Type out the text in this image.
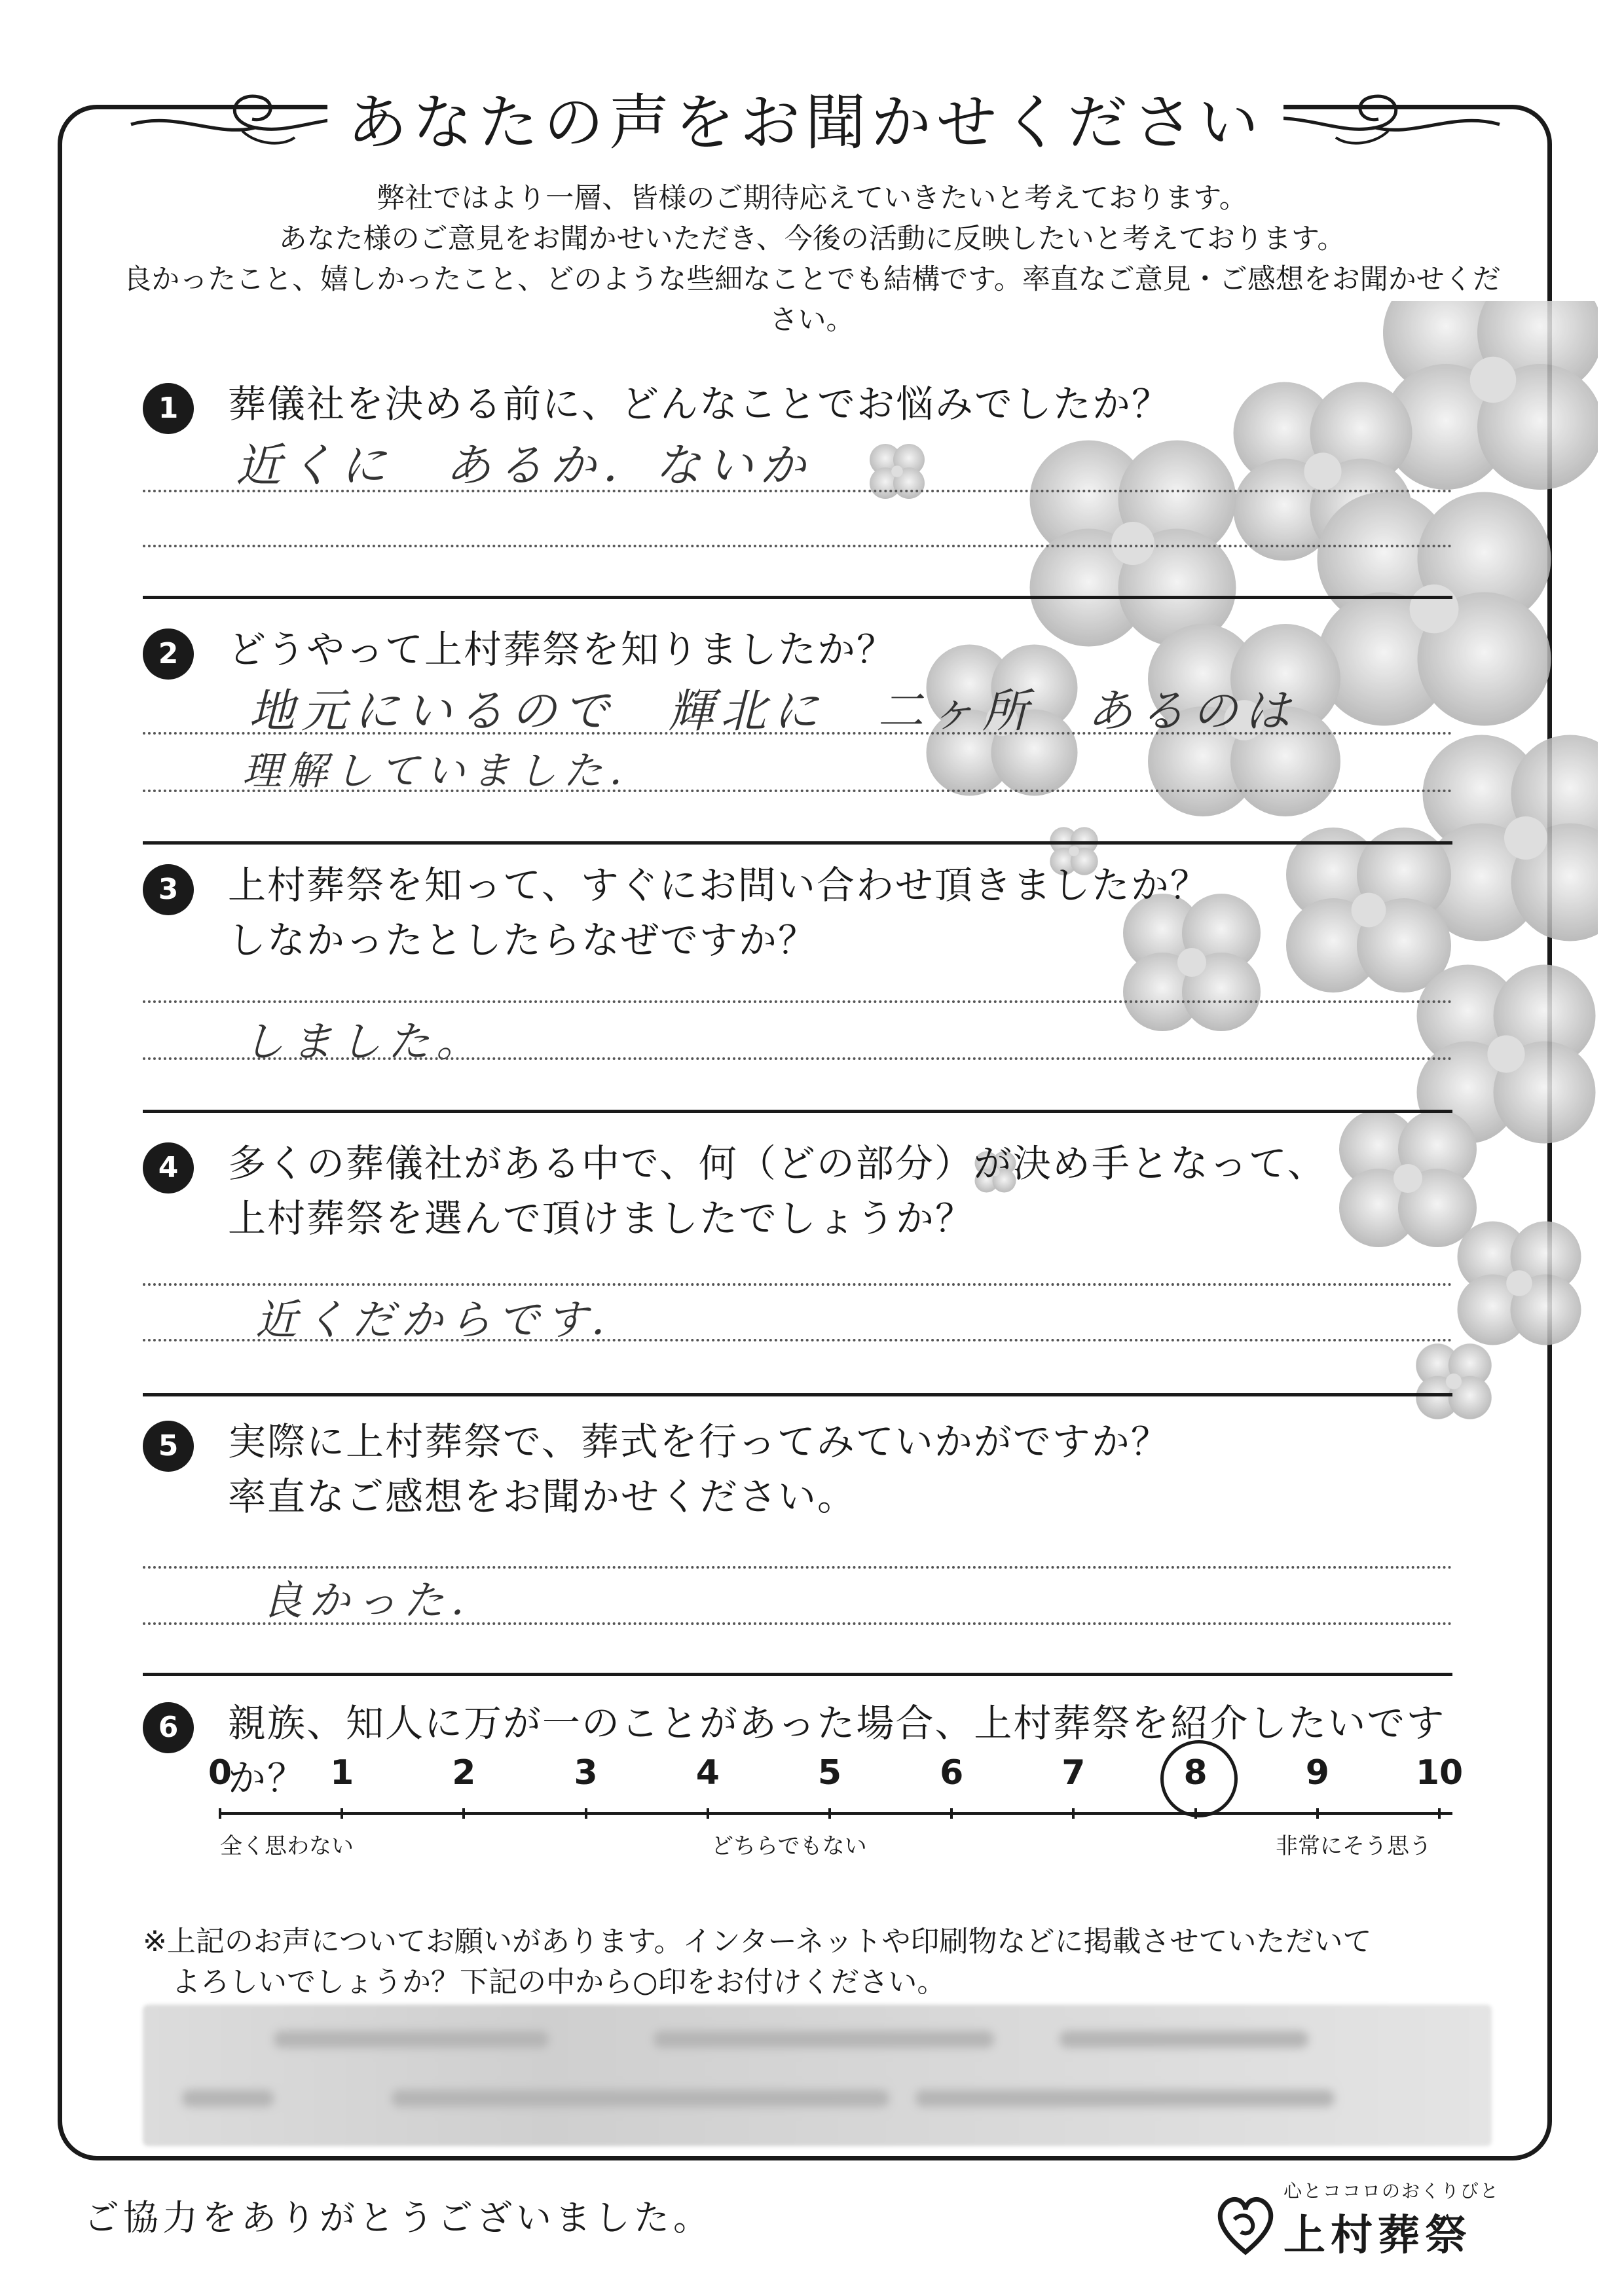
あなたの声をお聞かせください
弊社ではより一層、皆様のご期待応えていきたいと考えております。
あなた様のご意見をお聞かせいただき、今後の活動に反映したいと考えております。
良かったこと、嬉しかったこと、どのような些細なことでも結構です。率直なご意見・ご感想をお聞かせください。
1	葬儀社を決める前に、どんなことでお悩みでしたか？
近くに　あるか．ないか
2	どうやって上村葬祭を知りましたか？
地元にいるので　輝北に　二ヶ所　あるのは
理解していました．
3	上村葬祭を知って、すぐにお問い合わせ頂きましたか？
しなかったとしたらなぜですか？
しました。
4	多くの葬儀社がある中で、何（どの部分）が決め手となって、
上村葬祭を選んで頂けましたでしょうか？
近くだからです．
5	実際に上村葬祭で、葬式を行ってみていかがですか？
率直なご感想をお聞かせください。
良かった．
6	親族、知人に万が一のことがあった場合、上村葬祭を紹介したいですか？
0	1	2	3	4	5	6	7	8	9	10
全く思わない	どちらでもない	非常にそう思う
※上記のお声についてお願いがあります。インターネットや印刷物などに掲載させていただいて
　よろしいでしょうか？下記の中から○印をお付けください。
ご協力をありがとうございました。
心とココロのおくりびと
上村葬祭
